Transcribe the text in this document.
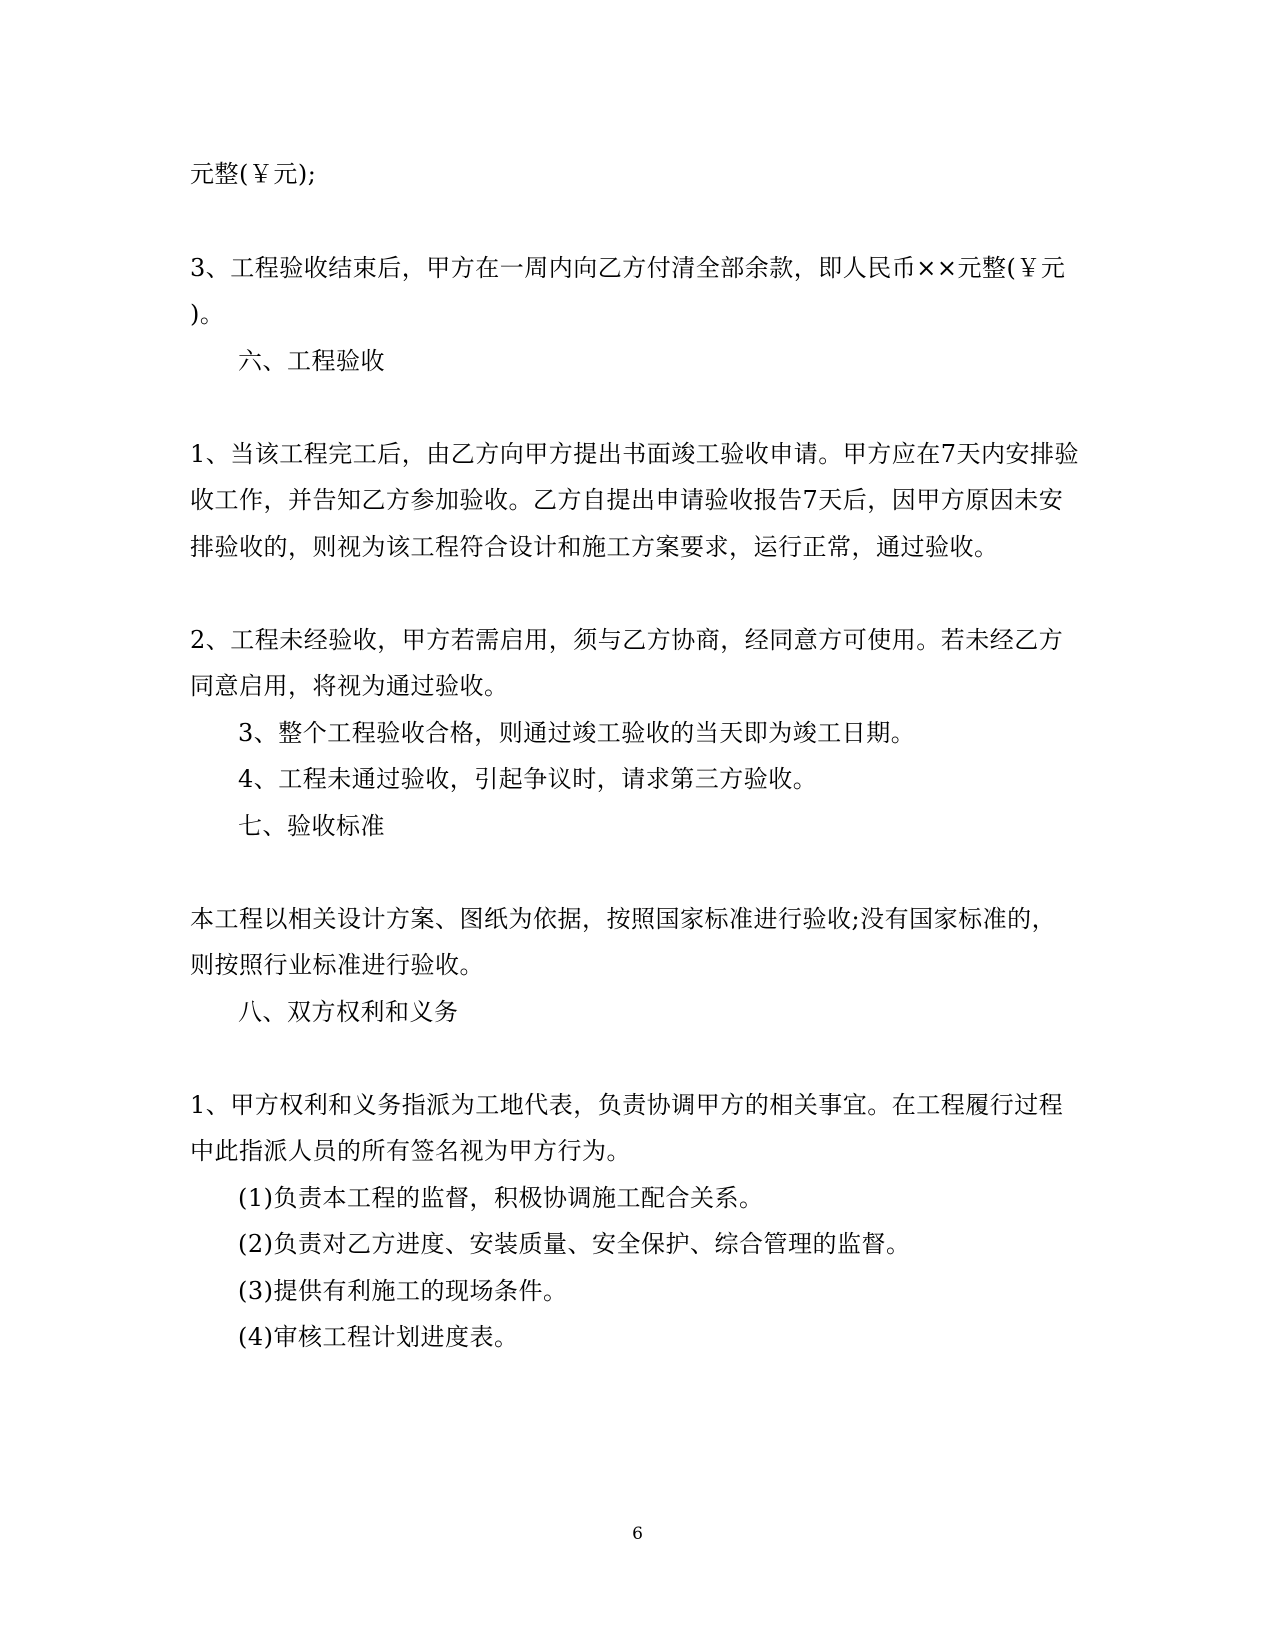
元整(￥元);
3、工程验收结束后，甲方在一周内向乙方付清全部余款，即人民币××元整(￥元
)。
六、工程验收
1、当该工程完工后，由乙方向甲方提出书面竣工验收申请。甲方应在7天内安排验
收工作，并告知乙方参加验收。乙方自提出申请验收报告7天后，因甲方原因未安
排验收的，则视为该工程符合设计和施工方案要求，运行正常，通过验收。
2、工程未经验收，甲方若需启用，须与乙方协商，经同意方可使用。若未经乙方
同意启用，将视为通过验收。
3、整个工程验收合格，则通过竣工验收的当天即为竣工日期。
4、工程未通过验收，引起争议时，请求第三方验收。
七、验收标准
本工程以相关设计方案、图纸为依据，按照国家标准进行验收;没有国家标准的，
则按照行业标准进行验收。
八、双方权利和义务
1、甲方权利和义务指派为工地代表，负责协调甲方的相关事宜。在工程履行过程
中此指派人员的所有签名视为甲方行为。
(1)负责本工程的监督，积极协调施工配合关系。
(2)负责对乙方进度、安装质量、安全保护、综合管理的监督。
(3)提供有利施工的现场条件。
(4)审核工程计划进度表。
6
